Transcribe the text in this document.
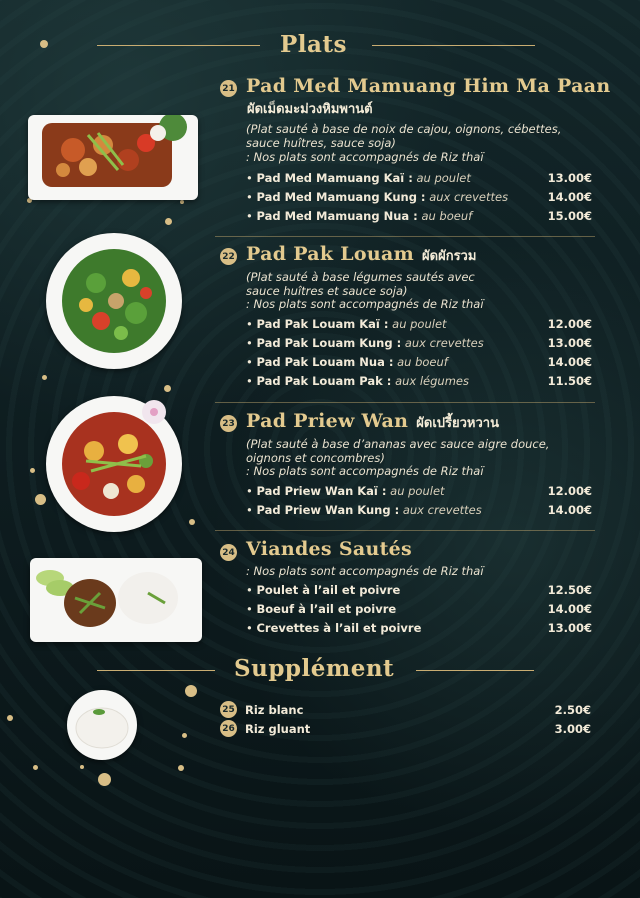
Plats
21 Pad Med Mamuang Him Ma Paan
ผัดเม็ดมะม่วงหิมพานต์
(Plat sauté à base de noix de cajou, oignons, cébettes, sauce huîtres, sauce soja)
: Nos plats sont accompagnés de Riz thaï
• Pad Med Mamuang Kaï : au poulet	13.00€
• Pad Med Mamuang Kung : aux crevettes	14.00€
• Pad Med Mamuang Nua : au boeuf	15.00€
22 Pad Pak Louam ผัดผักรวม
(Plat sauté à base légumes sautés avec sauce huîtres et sauce soja)
: Nos plats sont accompagnés de Riz thaï
• Pad Pak Louam Kaï : au poulet	12.00€
• Pad Pak Louam Kung : aux crevettes	13.00€
• Pad Pak Louam Nua : au boeuf	14.00€
• Pad Pak Louam Pak : aux légumes	11.50€
23 Pad Priew Wan ผัดเปรี้ยวหวาน
(Plat sauté à base d’ananas avec sauce aigre douce, oignons et concombres)
: Nos plats sont accompagnés de Riz thaï
• Pad Priew Wan Kaï : au poulet	12.00€
• Pad Priew Wan Kung : aux crevettes	14.00€
24 Viandes Sautés
: Nos plats sont accompagnés de Riz thaï
• Poulet à l’ail et poivre	12.50€
• Boeuf à l’ail et poivre	14.00€
• Crevettes à l’ail et poivre	13.00€
Supplément
25 Riz blanc	2.50€
26 Riz gluant	3.00€
